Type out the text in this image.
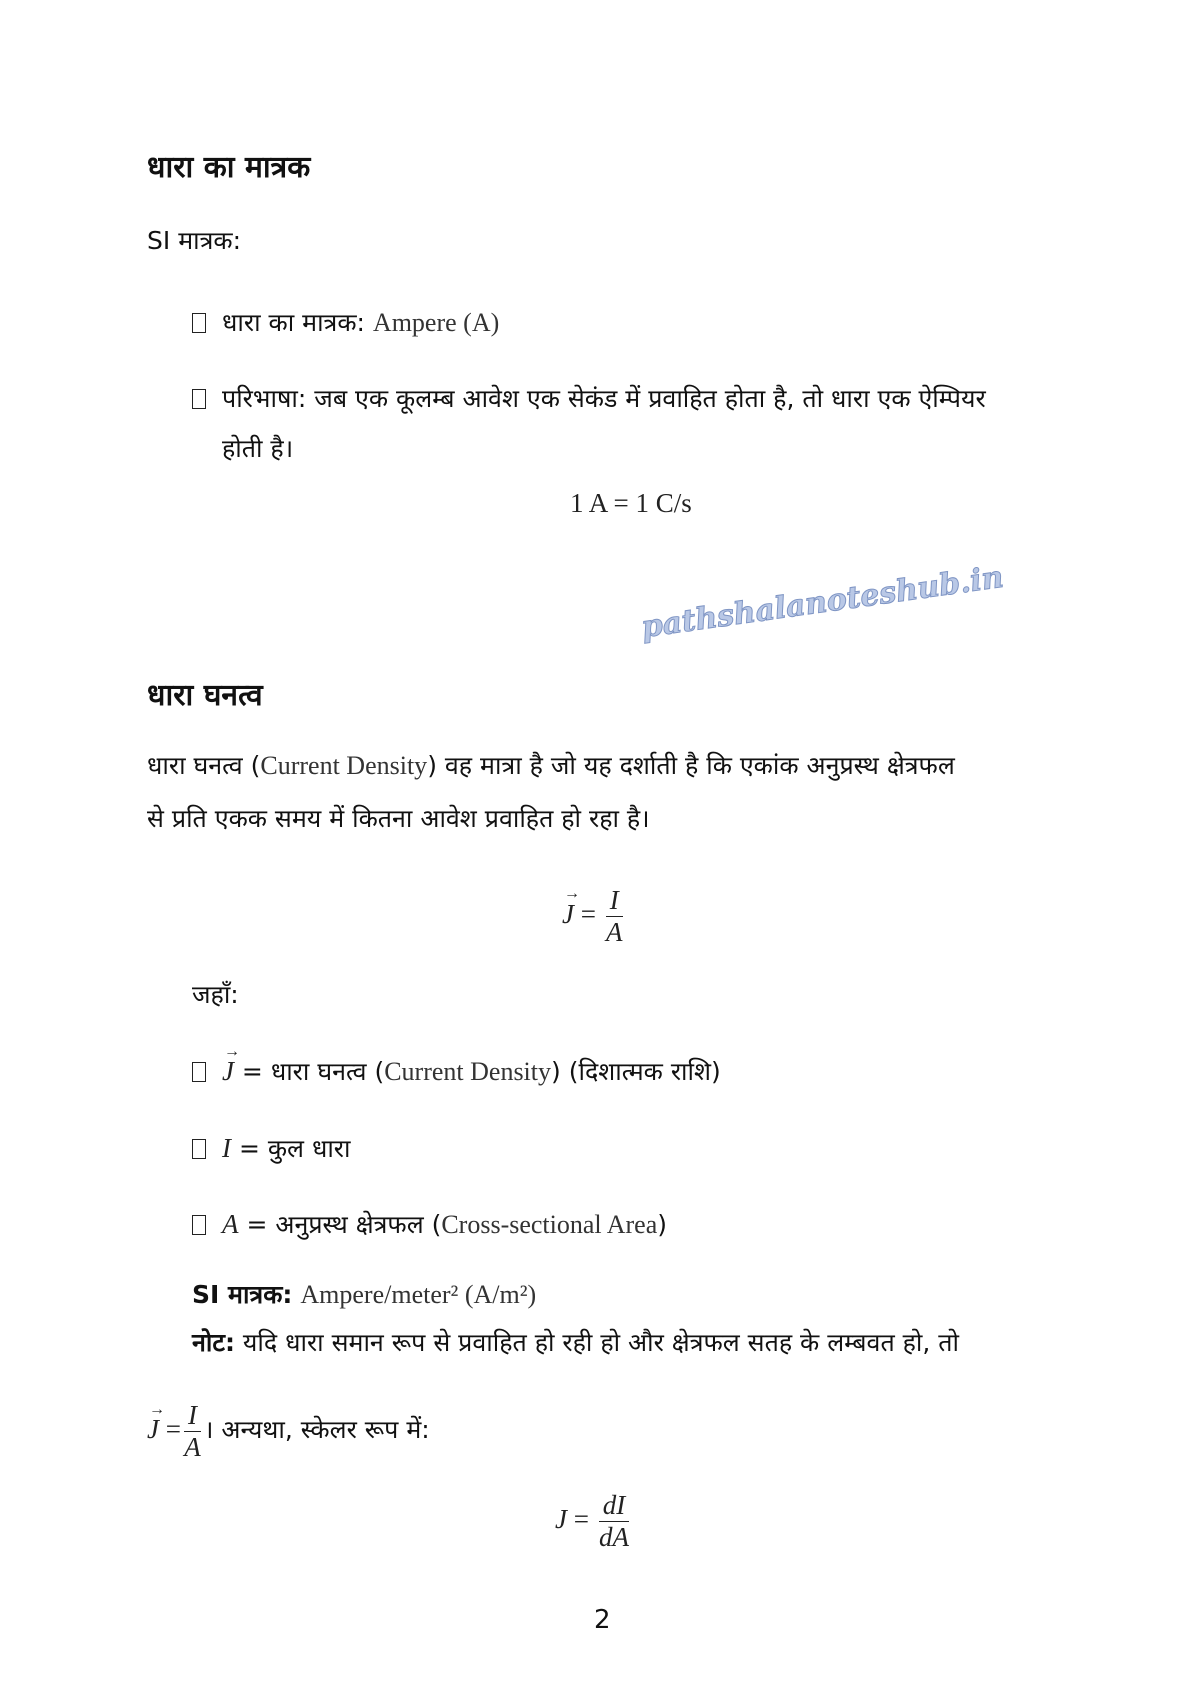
धारा का मात्रक
SI मात्रक:
धारा का मात्रक: Ampere (A)
परिभाषा: जब एक कूलम्ब आवेश एक सेकंड में प्रवाहित होता है, तो धारा एक ऐम्पियर
होती है।
1 A = 1 C/s
धारा घनत्व
धारा घनत्व (Current Density) वह मात्रा है जो यह दर्शाती है कि एकांक अनुप्रस्थ क्षेत्रफल
से प्रति एकक समय में कितना आवेश प्रवाहित हो रहा है।
→ $J = \frac{I}{A}$
जहाँ:
→ J = धारा घनत्व (Current Density) (दिशात्मक राशि)
I = कुल धारा
A = अनुप्रस्थ क्षेत्रफल (Cross-sectional Area)
SI मात्रक: Ampere/meter² (A/m²)
नोट: यदि धारा समान रूप से प्रवाहित हो रही हो और क्षेत्रफल सतह के लम्बवत हो, तो
→ $J = \frac{I}{A}$ । अन्यथा, स्केलर रूप में:
$J = \frac{dI}{dA}$
2
pathshalanoteshub.in
